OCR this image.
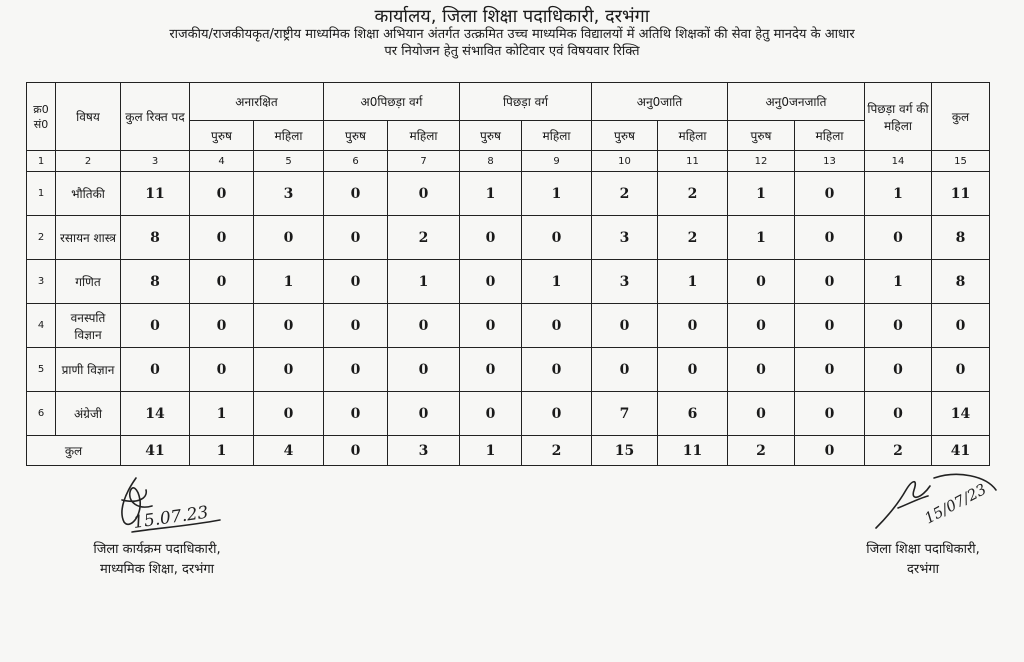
कार्यालय, जिला शिक्षा पदाधिकारी, दरभंगा
राजकीय/राजकीयकृत/राष्ट्रीय माध्यमिक शिक्षा अभियान अंतर्गत उत्क्रमित उच्च माध्यमिक विद्यालयों में अतिथि शिक्षकों की सेवा हेतु मानदेय के आधार
पर नियोजन हेतु संभावित कोटिवार एवं विषयवार रिक्ति
क्र0 सं0	विषय	कुल रिक्त पद	अनारक्षित		अ0पिछड़ा वर्ग		पिछड़ा वर्ग		अनु0जाति		अनु0जनजाति		पिछड़ा वर्ग की महिला	कुल
			पुरुष	महिला	पुरुष	महिला	पुरुष	महिला	पुरुष	महिला	पुरुष	महिला		
1	2	3	4	5	6	7	8	9	10	11	12	13	14	15
1	भौतिकी	11	0	3	0	0	1	1	2	2	1	0	1	11
2	रसायन शास्त्र	8	0	0	0	2	0	0	3	2	1	0	0	8
3	गणित	8	0	1	0	1	0	1	3	1	0	0	1	8
4	वनस्पति विज्ञान	0	0	0	0	0	0	0	0	0	0	0	0	0
5	प्राणी विज्ञान	0	0	0	0	0	0	0	0	0	0	0	0	0
6	अंग्रेजी	14	1	0	0	0	0	0	7	6	0	0	0	14
कुल		41	1	4	0	3	1	2	15	11	2	0	2	41
15.07.23
जिला कार्यक्रम पदाधिकारी,
माध्यमिक शिक्षा, दरभंगा
15/07/23
जिला शिक्षा पदाधिकारी,
दरभंगा
